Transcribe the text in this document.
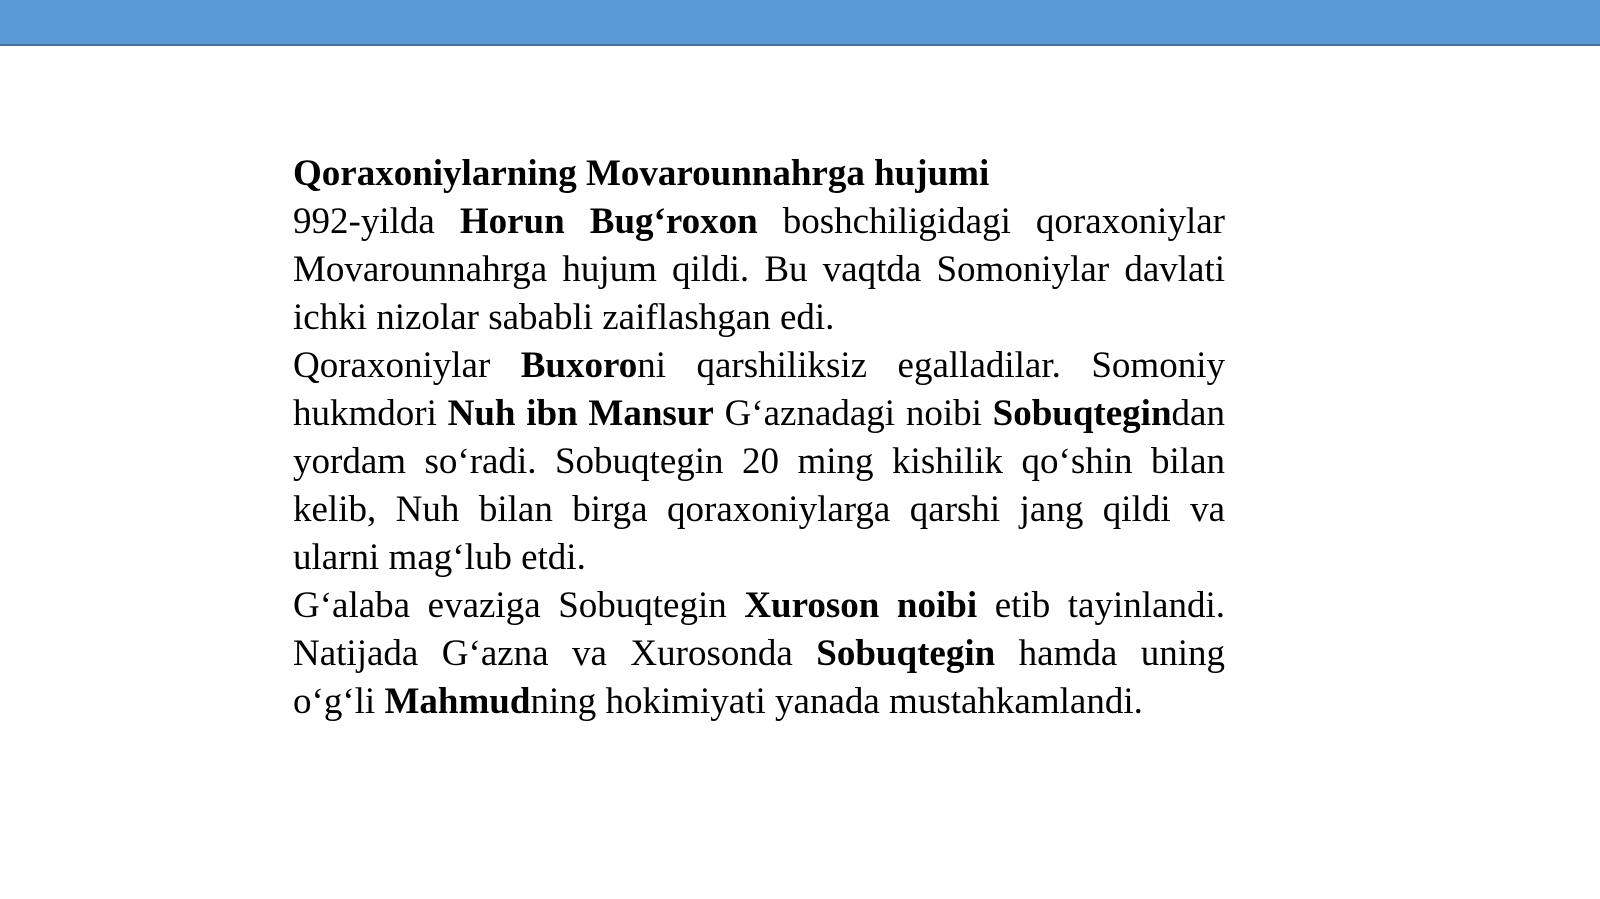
Qoraxoniylarning Movarounnahrga hujumi

992-yilda Horun Bug‘roxon boshchiligidagi qoraxoniylar Movarounnahrga hujum qildi. Bu vaqtda Somoniylar davlati ichki nizolar sababli zaiflashgan edi.

Qoraxoniylar Buxoroni qarshiliksiz egalladilar. Somoniy hukmdori Nuh ibn Mansur G‘aznadagi noibi Sobuqtegindan yordam so‘radi. Sobuqtegin 20 ming kishilik qo‘shin bilan kelib, Nuh bilan birga qoraxoniylarga qarshi jang qildi va ularni mag‘lub etdi.

G‘alaba evaziga Sobuqtegin Xuroson noibi etib tayinlandi. Natijada G‘azna va Xurosonda Sobuqtegin hamda uning o‘g‘li Mahmudning hokimiyati yanada mustahkamlandi.
